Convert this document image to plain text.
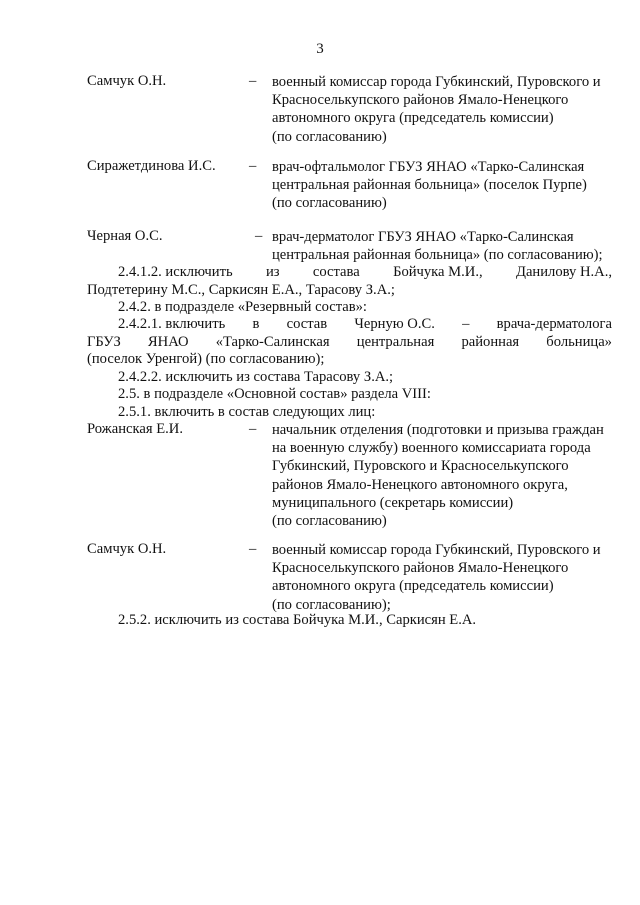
3
Самчук О.Н.	– военный комиссар города Губкинский, Пуровского и
Красноселькупского районов Ямало-Ненецкого
автономного округа (председатель комиссии)
(по согласованию)
Сиражетдинова И.С. – врач-офтальмолог ГБУЗ ЯНАО «Тарко-Салинская
центральная районная больница» (поселок Пурпе)
(по согласованию)
Черная О.С.	– врач-дерматолог ГБУЗ ЯНАО «Тарко-Салинская
центральная районная больница» (по согласованию);
2.4.1.2. исключить из состава Бойчука М.И., Данилову Н.А.,
Подтетерину М.С., Саркисян Е.А., Тарасову З.А.;
2.4.2. в подразделе «Резервный состав»:
2.4.2.1. включить в состав Черную О.С. – врача-дерматолога
ГБУЗ ЯНАО «Тарко-Салинская центральная районная больница»
(поселок Уренгой) (по согласованию);
2.4.2.2. исключить из состава Тарасову З.А.;
2.5. в подразделе «Основной состав» раздела VIII:
2.5.1. включить в состав следующих лиц:
Рожанская Е.И.	– начальник отделения (подготовки и призыва граждан
на военную службу) военного комиссариата города
Губкинский, Пуровского и Красноселькупского
районов Ямало-Ненецкого автономного округа,
муниципального (секретарь комиссии)
(по согласованию)
Самчук О.Н.	– военный комиссар города Губкинский, Пуровского и
Красноселькупского районов Ямало-Ненецкого
автономного округа (председатель комиссии)
(по согласованию);
2.5.2. исключить из состава Бойчука М.И., Саркисян Е.А.
